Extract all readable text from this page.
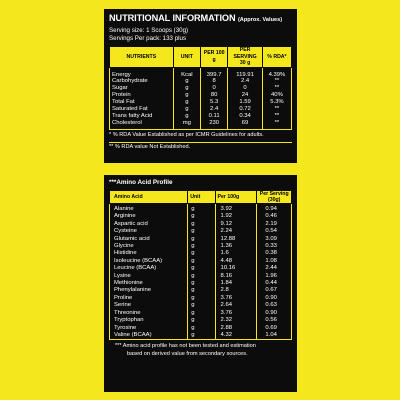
NUTRITIONAL INFORMATION (Approx. Values)
Serving size: 1 Scoops (30g)
Servings Per pack: 133 plus
NUTRIENTS	UNIT	PER 100 g	PER SERVING 30 g	% RDA*
Energy	Kcal	399.7	119.91	4.39%
Carbohydrate	g	8	2.4	**
Sugar	g	0	0	**
Protein	g	80	24	40%
Total Fat	g	5.3	1.59	5.3%
Saturated Fat	g	2.4	0.72	**
Trans fatty Acid	g	0.11	0.34	**
Cholesterol	mg	230	69	**
* % RDA Value Established as per ICMR Guidelines for adults.
** % RDA value Not Established.
***Amino Acid Profile
Amino Acid	Unit	Per 100g	Per Serving (30g)
Alanine	g	3.92	0.94
Arginine	g	1.92	0.46
Aspartic acid	g	9.12	2.19
Cysteine	g	2.24	0.54
Glutamic acid	g	12.88	3.09
Glycine	g	1.36	0.33
Histidine	g	1.6	0.38
Isoleucine (BCAA)	g	4.48	1.08
Leucine (BCAA)	g	10.16	2.44
Lysine	g	8.16	1.96
Methionine	g	1.84	0.44
Phenylalanine	g	2.8	0.67
Proline	g	3.76	0.90
Serine	g	2.64	0.63
Threonine	g	3.76	0.90
Tryptophan	g	2.32	0.56
Tyrosine	g	2.88	0.69
Valine (BCAA)	g	4.32	1.04
*** Amino acid profile has not been tested and estimation
based on derived value from secondary sources.
